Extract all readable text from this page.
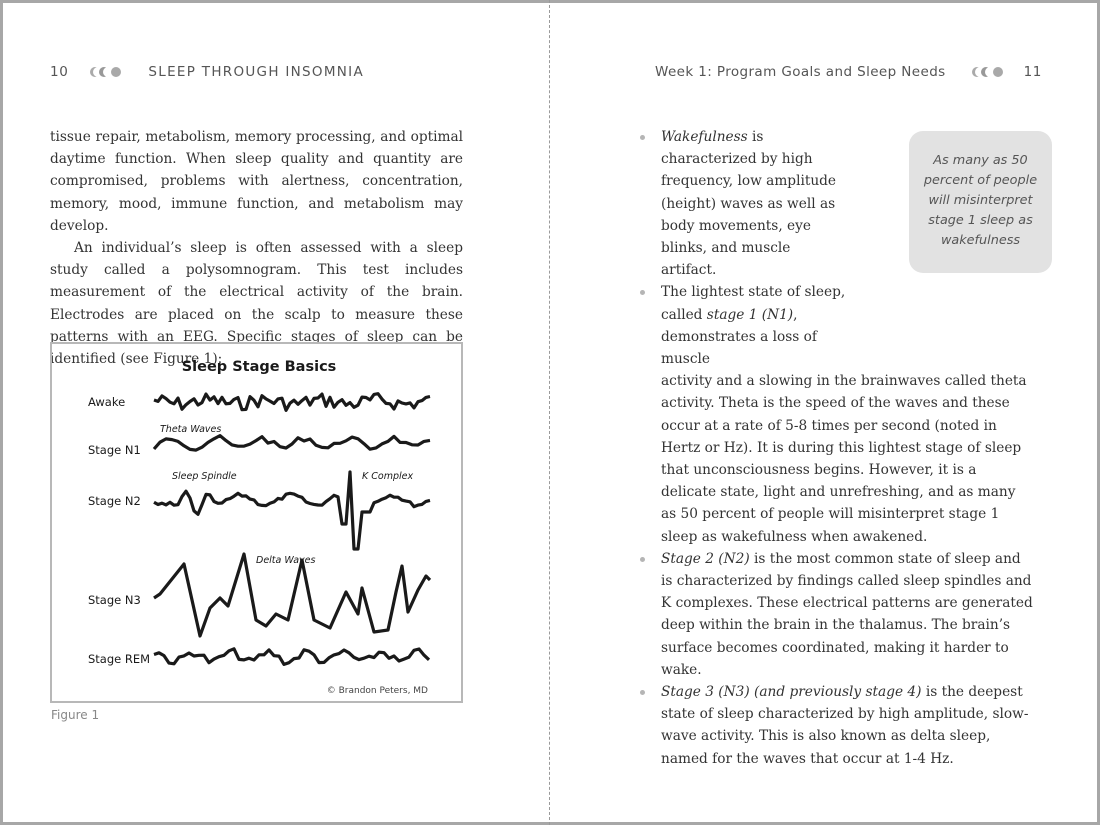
10	SLEEP THROUGH INSOMNIA

tissue repair, metabolism, memory processing, and optimal daytime function. When sleep quality and quantity are compromised, problems with alertness, concentration, memory, mood, immune function, and metabolism may develop.

An individual’s sleep is often assessed with a sleep study called a polysomnogram. This test includes measurement of the electrical activity of the brain. Electrodes are placed on the scalp to measure these patterns with an EEG. Specific stages of sleep can be identified (see Figure 1):

Sleep Stage Basics
Awake
Stage N1
Stage N2
Stage N3
Stage REM
Theta Waves
Sleep Spindle	K Complex
Delta Waves
© Brandon Peters, MD
Figure 1
Week 1: Program Goals and Sleep Needs	11
As many as 50 percent of people will misinterpret stage 1 sleep as wakefulness
Wakefulness is characterized by high frequency, low amplitude (height) waves as well as body movements, eye blinks, and muscle artifact.
The lightest state of sleep, called stage 1 (N1), demonstrates a loss of muscle
activity and a slowing in the brainwaves called theta activity. Theta is the speed of the waves and these occur at a rate of 5-8 times per second (noted in Hertz or Hz). It is during this lightest stage of sleep that unconsciousness begins. However, it is a delicate state, light and unrefreshing, and as many as 50 percent of people will misinterpret stage 1 sleep as wakefulness when awakened.
Stage 2 (N2) is the most common state of sleep and is characterized by findings called sleep spindles and K complexes. These electrical patterns are generated deep within the brain in the thalamus. The brain’s surface becomes coordinated, making it harder to wake.
Stage 3 (N3) (and previously stage 4) is the deepest state of sleep characterized by high amplitude, slow-wave activity. This is also known as delta sleep, named for the waves that occur at 1-4 Hz.
